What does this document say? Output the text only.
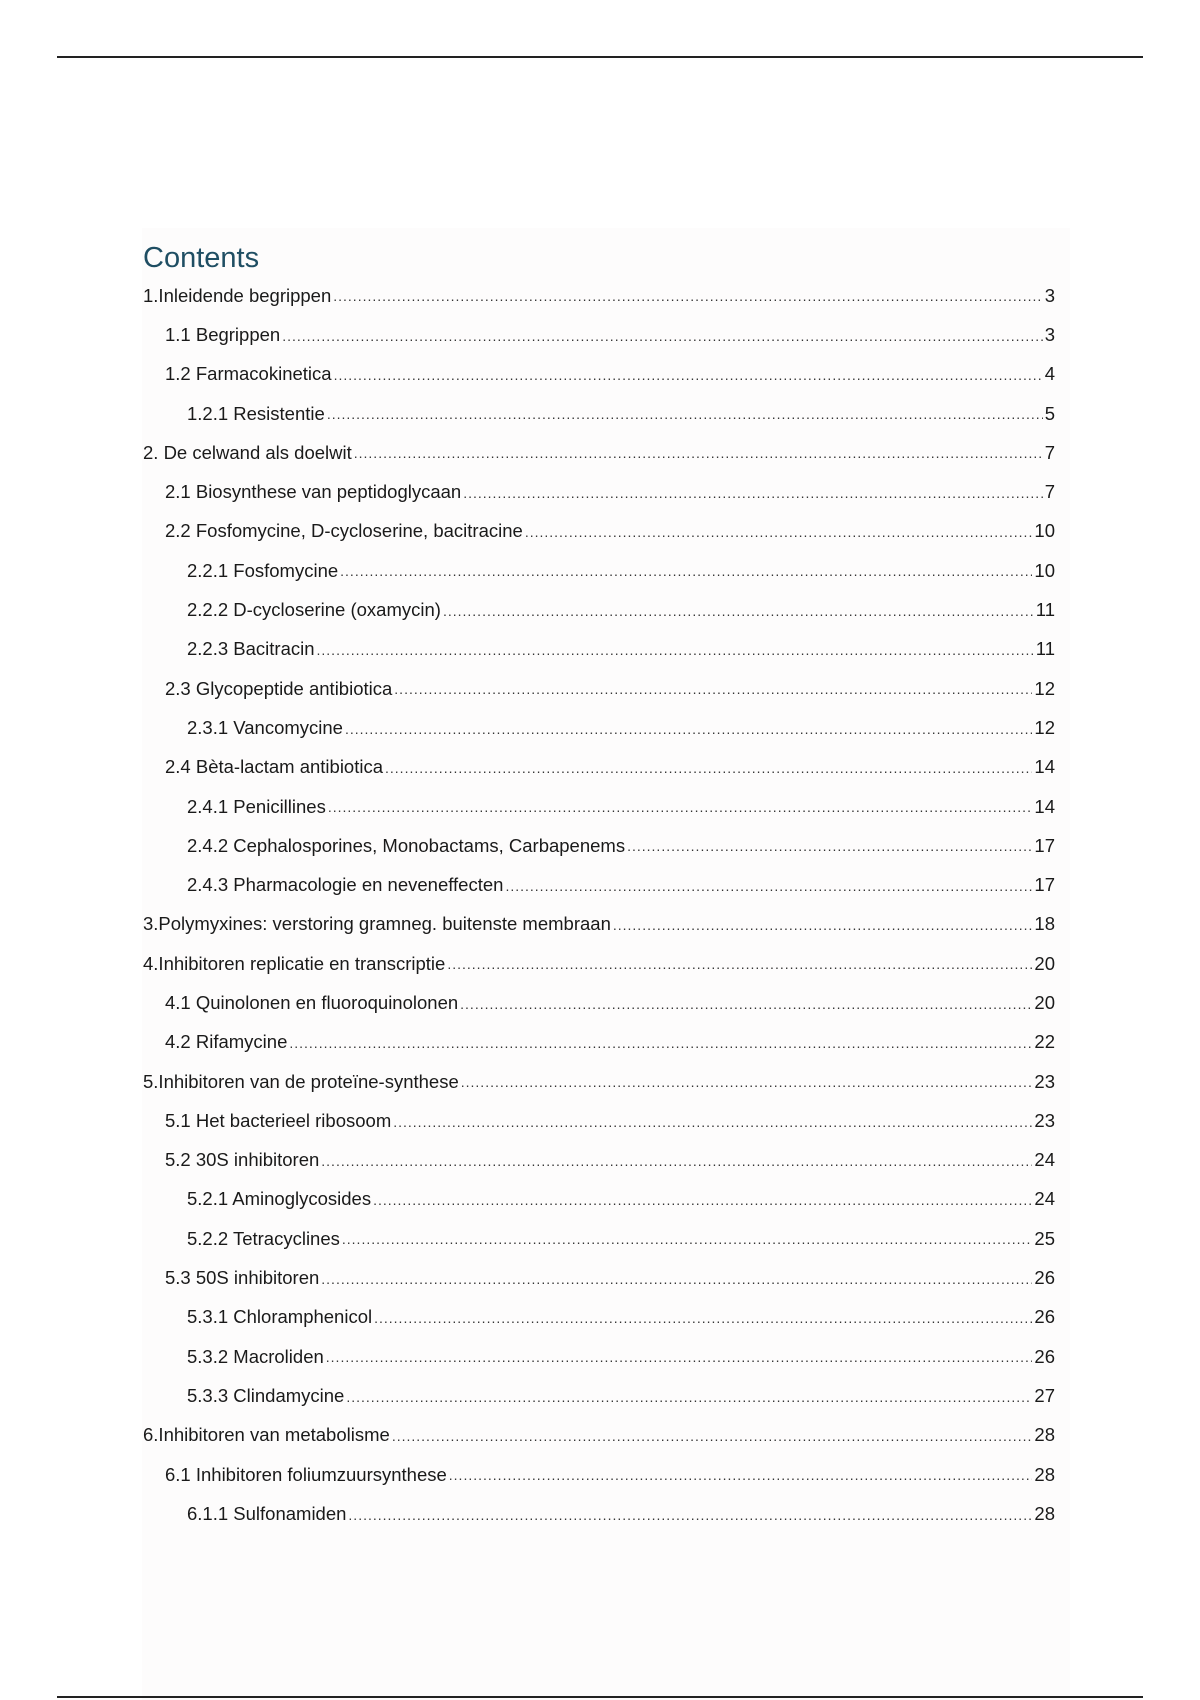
Contents
1.Inleidende begrippen .....	3
1.1 Begrippen .....	3
1.2 Farmacokinetica .....	4
1.2.1 Resistentie .....	5
2. De celwand als doelwit .....	7
2.1 Biosynthese van peptidoglycaan .....	7
2.2 Fosfomycine, D-cycloserine, bacitracine .....	10
2.2.1 Fosfomycine .....	10
2.2.2 D-cycloserine (oxamycin) .....	11
2.2.3 Bacitracin .....	11
2.3 Glycopeptide antibiotica .....	12
2.3.1 Vancomycine .....	12
2.4 Bèta-lactam antibiotica .....	14
2.4.1 Penicillines .....	14
2.4.2 Cephalosporines, Monobactams, Carbapenems .....	17
2.4.3 Pharmacologie en neveneffecten .....	17
3.Polymyxines: verstoring gramneg. buitenste membraan .....	18
4.Inhibitoren replicatie en transcriptie .....	20
4.1 Quinolonen en fluoroquinolonen .....	20
4.2 Rifamycine .....	22
5.Inhibitoren van de proteïne-synthese .....	23
5.1 Het bacterieel ribosoom .....	23
5.2 30S inhibitoren .....	24
5.2.1 Aminoglycosides .....	24
5.2.2 Tetracyclines .....	25
5.3 50S inhibitoren .....	26
5.3.1 Chloramphenicol .....	26
5.3.2 Macroliden .....	26
5.3.3 Clindamycine .....	27
6.Inhibitoren van metabolisme .....	28
6.1 Inhibitoren foliumzuursynthese .....	28
6.1.1 Sulfonamiden .....	28
